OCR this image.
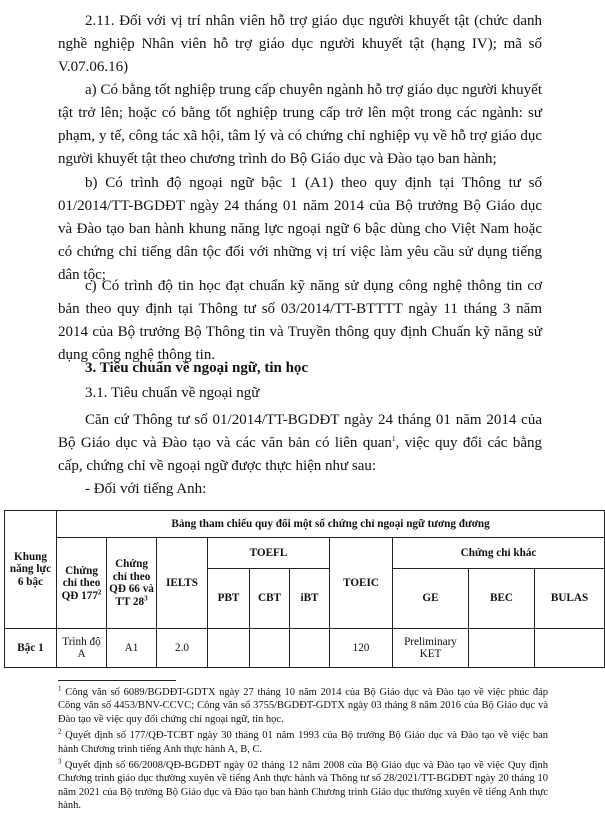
2.11. Đối với vị trí nhân viên hỗ trợ giáo dục người khuyết tật (chức danh nghề nghiệp Nhân viên hỗ trợ giáo dục người khuyết tật (hạng IV); mã số V.07.06.16)

a) Có bằng tốt nghiệp trung cấp chuyên ngành hỗ trợ giáo dục người khuyết tật trở lên; hoặc có bằng tốt nghiệp trung cấp trở lên một trong các ngành: sư phạm, y tế, công tác xã hội, tâm lý và có chứng chỉ nghiệp vụ về hỗ trợ giáo dục người khuyết tật theo chương trình do Bộ Giáo dục và Đào tạo ban hành;

b) Có trình độ ngoại ngữ bậc 1 (A1) theo quy định tại Thông tư số 01/2014/TT-BGDĐT ngày 24 tháng 01 năm 2014 của Bộ trưởng Bộ Giáo dục và Đào tạo ban hành khung năng lực ngoại ngữ 6 bậc dùng cho Việt Nam hoặc có chứng chỉ tiếng dân tộc đối với những vị trí việc làm yêu cầu sử dụng tiếng dân tộc;

c) Có trình độ tin học đạt chuẩn kỹ năng sử dụng công nghệ thông tin cơ bản theo quy định tại Thông tư số 03/2014/TT-BTTTT ngày 11 tháng 3 năm 2014 của Bộ trưởng Bộ Thông tin và Truyền thông quy định Chuẩn kỹ năng sử dụng công nghệ thông tin.

3. Tiêu chuẩn về ngoại ngữ, tin học

3.1. Tiêu chuẩn về ngoại ngữ

Căn cứ Thông tư số 01/2014/TT-BGDĐT ngày 24 tháng 01 năm 2014 của Bộ Giáo dục và Đào tạo và các văn bản có liên quan$^1$, việc quy đổi các bằng cấp, chứng chỉ về ngoại ngữ được thực hiện như sau:

- Đối với tiếng Anh:

Khung năng lực 6 bậc	Bảng tham chiếu quy đổi một số chứng chỉ ngoại ngữ tương đương									
	Chứng chỉ theo QĐ $177^2$	Chứng chỉ theo QĐ 66 và TT $28^3$	IELTS	TOEFL			TOEIC	Chứng chỉ khác		
				PBT	CBT	iBT		GE	BEC	BULAS
Bậc 1	Trình độ A	A1	2.0				120	Preliminary KET		

$^1$ Công văn số 6089/BGDĐT-GDTX ngày 27 tháng 10 năm 2014 của Bộ Giáo dục và Đào tạo về việc phúc đáp Công văn số 4453/BNV-CCVC; Công văn số 3755/BGDĐT-GDTX ngày 03 tháng 8 năm 2016 của Bộ Giáo dục và Đào tạo về việc quy đổi chứng chỉ ngoại ngữ, tin học.

$^2$ Quyết định số 177/QĐ-TCBT ngày 30 tháng 01 năm 1993 của Bộ trưởng Bộ Giáo dục và Đào tạo về việc ban hành Chương trình tiếng Anh thực hành A, B, C.

$^3$ Quyết định số 66/2008/QĐ-BGDĐT ngày 02 tháng 12 năm 2008 của Bộ Giáo dục và Đào tạo về việc Quy định Chương trình giáo dục thường xuyên về tiếng Anh thực hành và Thông tư số 28/2021/TT-BGDĐT ngày 20 tháng 10 năm 2021 của Bộ trưởng Bộ Giáo dục và Đào tạo ban hành Chương trình Giáo dục thường xuyên về tiếng Anh thực hành.
